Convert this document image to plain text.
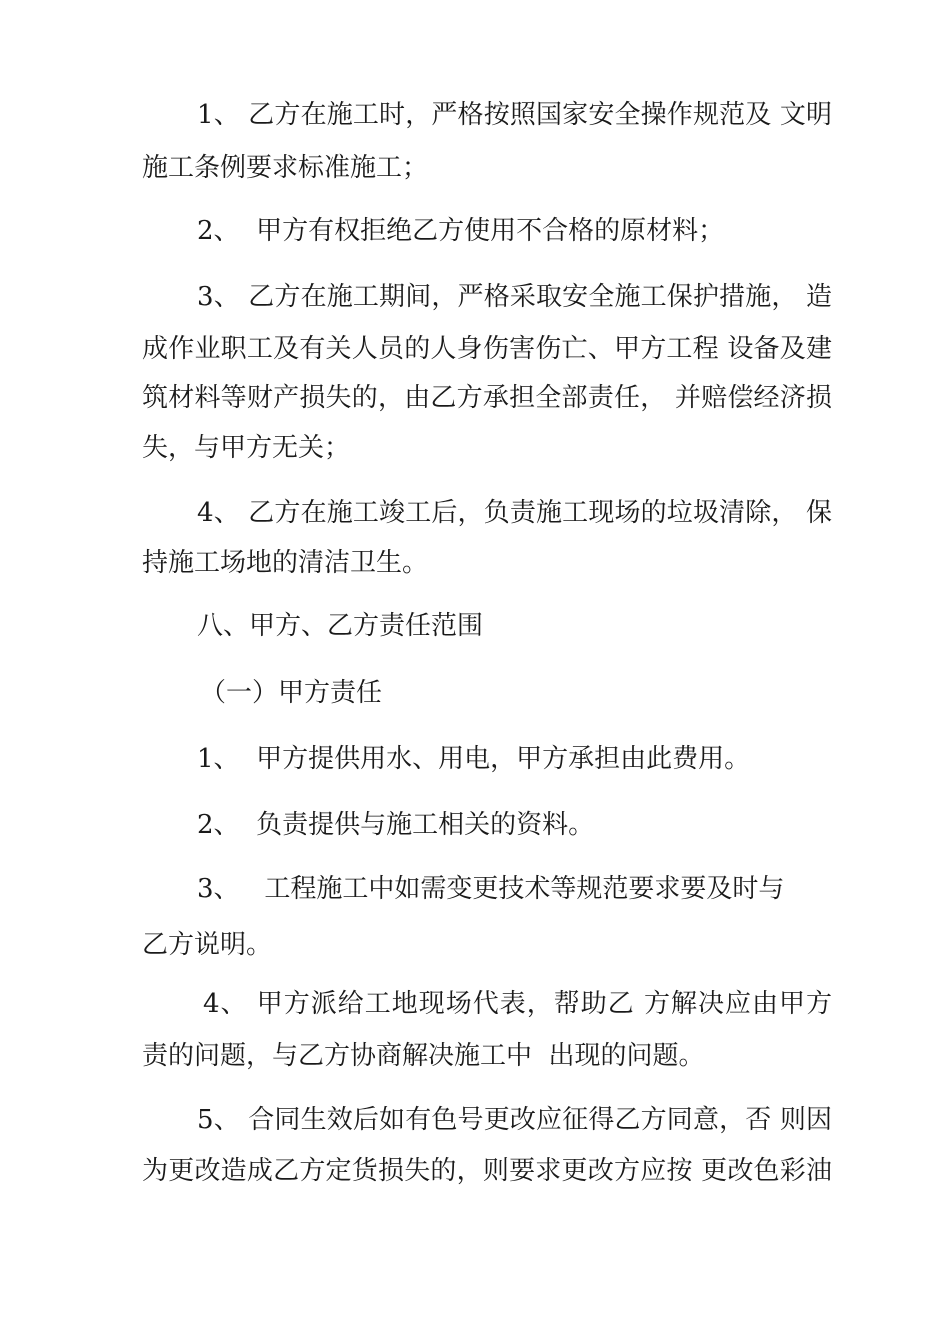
1、 乙方在施工时，严格按照国家安全操作规范及 文明
施工条例要求标准施工；
2、  甲方有权拒绝乙方使用不合格的原材料；
3、 乙方在施工期间，严格采取安全施工保护措施， 造
成作业职工及有关人员的人身伤害伤亡、甲方工程 设备及建
筑材料等财产损失的，由乙方承担全部责任， 并赔偿经济损
失，与甲方无关；
4、 乙方在施工竣工后，负责施工现场的垃圾清除， 保
持施工场地的清洁卫生。
八、甲方、乙方责任范围
（一）甲方责任
1、  甲方提供用水、用电，甲方承担由此费用。
2、  负责提供与施工相关的资料。
3、   工程施工中如需变更技术等规范要求要及时与
乙方说明。
4、 甲方派给工地现场代表，帮助乙 方解决应由甲方
责的问题，与乙方协商解决施工中  出现的问题。
5、 合同生效后如有色号更改应征得乙方同意，否 则因
为更改造成乙方定货损失的，则要求更改方应按 更改色彩油
